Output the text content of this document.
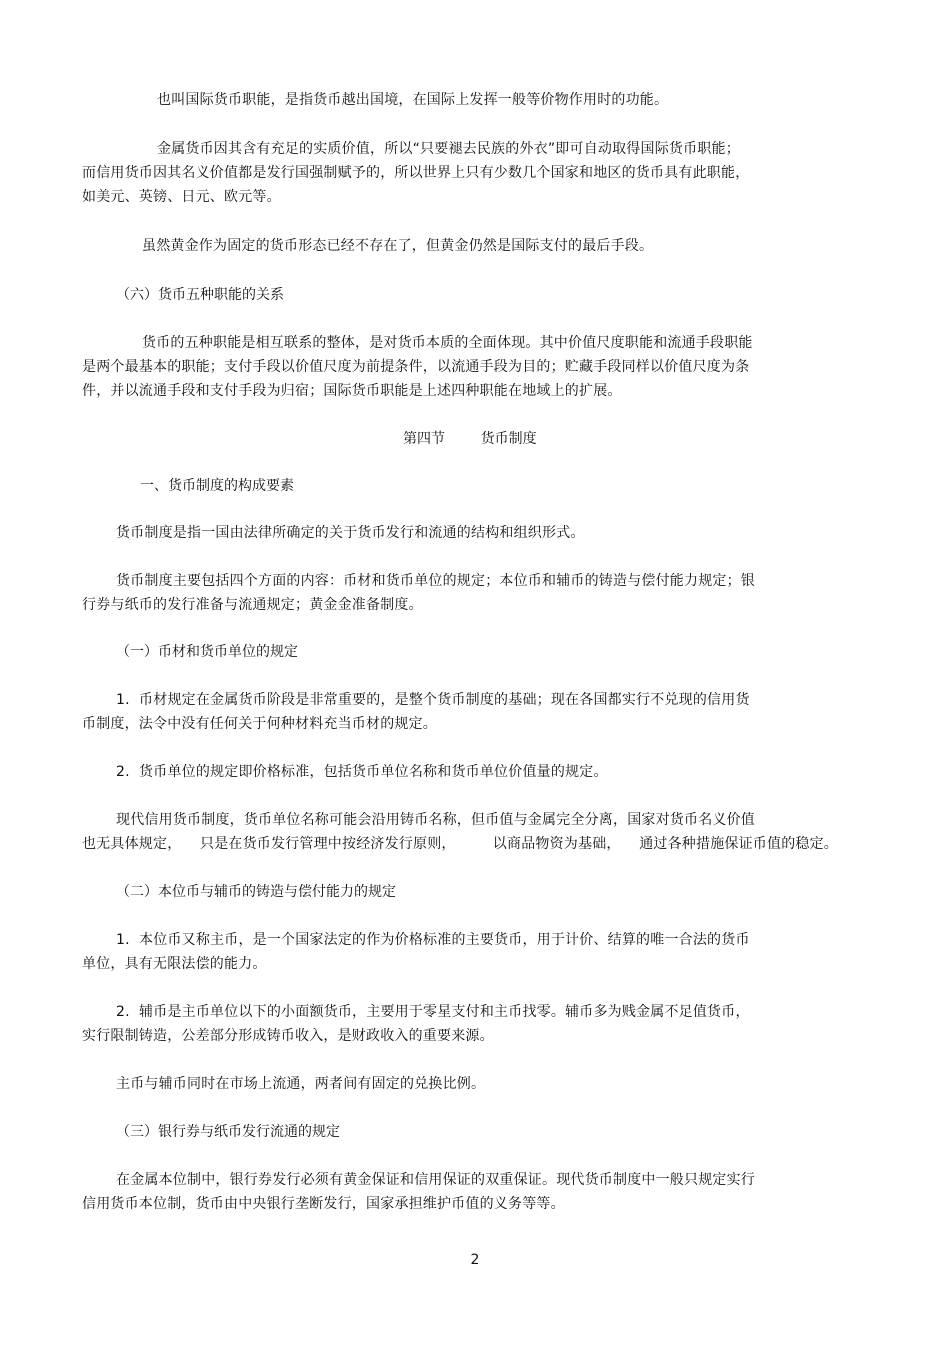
也叫国际货币职能，是指货币越出国境，在国际上发挥一般等价物作用时的功能。
金属货币因其含有充足的实质价值，所以“只要褪去民族的外衣”即可自动取得国际货币职能；
而信用货币因其名义价值都是发行国强制赋予的，所以世界上只有少数几个国家和地区的货币具有此职能，
如美元、英镑、日元、欧元等。
虽然黄金作为固定的货币形态已经不存在了，但黄金仍然是国际支付的最后手段。
（六）货币五种职能的关系
货币的五种职能是相互联系的整体，是对货币本质的全面体现。其中价值尺度职能和流通手段职能
是两个最基本的职能；支付手段以价值尺度为前提条件，以流通手段为目的；贮藏手段同样以价值尺度为条
件，并以流通手段和支付手段为归宿；国际货币职能是上述四种职能在地域上的扩展。
第四节        货币制度
一、货币制度的构成要素
货币制度是指一国由法律所确定的关于货币发行和流通的结构和组织形式。
货币制度主要包括四个方面的内容：币材和货币单位的规定；本位币和辅币的铸造与偿付能力规定；银
行券与纸币的发行准备与流通规定；黄金金准备制度。
（一）币材和货币单位的规定
1.  币材规定在金属货币阶段是非常重要的，是整个货币制度的基础；现在各国都实行不兑现的信用货
币制度，法令中没有任何关于何种材料充当币材的规定。
2.  货币单位的规定即价格标准，包括货币单位名称和货币单位价值量的规定。
现代信用货币制度，货币单位名称可能会沿用铸币名称，但币值与金属完全分离，国家对货币名义价值
也无具体规定，    只是在货币发行管理中按经济发行原则，        以商品物资为基础，    通过各种措施保证币值的稳定。
（二）本位币与辅币的铸造与偿付能力的规定
1.  本位币又称主币，是一个国家法定的作为价格标准的主要货币，用于计价、结算的唯一合法的货币
单位，具有无限法偿的能力。
2.  辅币是主币单位以下的小面额货币，主要用于零星支付和主币找零。辅币多为贱金属不足值货币，
实行限制铸造，公差部分形成铸币收入，是财政收入的重要来源。
主币与辅币同时在市场上流通，两者间有固定的兑换比例。
（三）银行券与纸币发行流通的规定
在金属本位制中，银行券发行必须有黄金保证和信用保证的双重保证。现代货币制度中一般只规定实行
信用货币本位制，货币由中央银行垄断发行，国家承担维护币值的义务等等。
2
